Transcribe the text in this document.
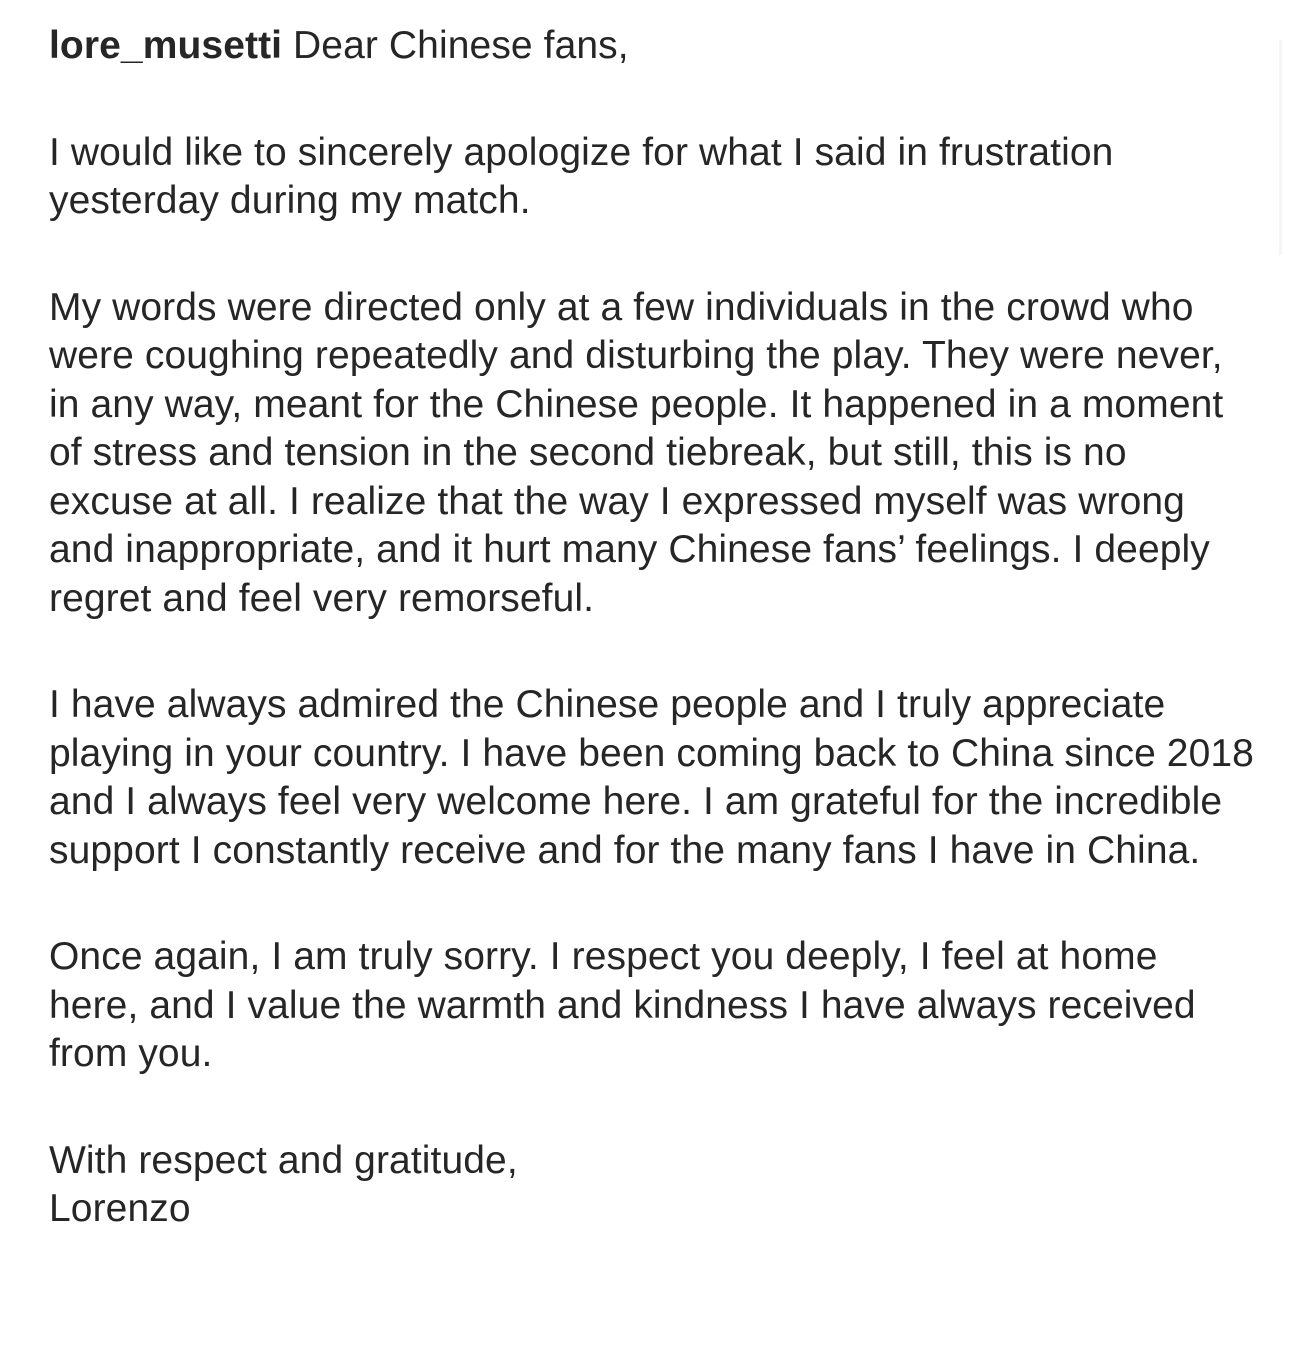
lore_musetti Dear Chinese fans,

I would like to sincerely apologize for what I said in frustration yesterday during my match.

My words were directed only at a few individuals in the crowd who were coughing repeatedly and disturbing the play. They were never, in any way, meant for the Chinese people. It happened in a moment of stress and tension in the second tiebreak, but still, this is no excuse at all. I realize that the way I expressed myself was wrong and inappropriate, and it hurt many Chinese fans’ feelings. I deeply regret and feel very remorseful.

I have always admired the Chinese people and I truly appreciate playing in your country. I have been coming back to China since 2018 and I always feel very welcome here. I am grateful for the incredible support I constantly receive and for the many fans I have in China.

Once again, I am truly sorry. I respect you deeply, I feel at home here, and I value the warmth and kindness I have always received from you.

With respect and gratitude,
Lorenzo
